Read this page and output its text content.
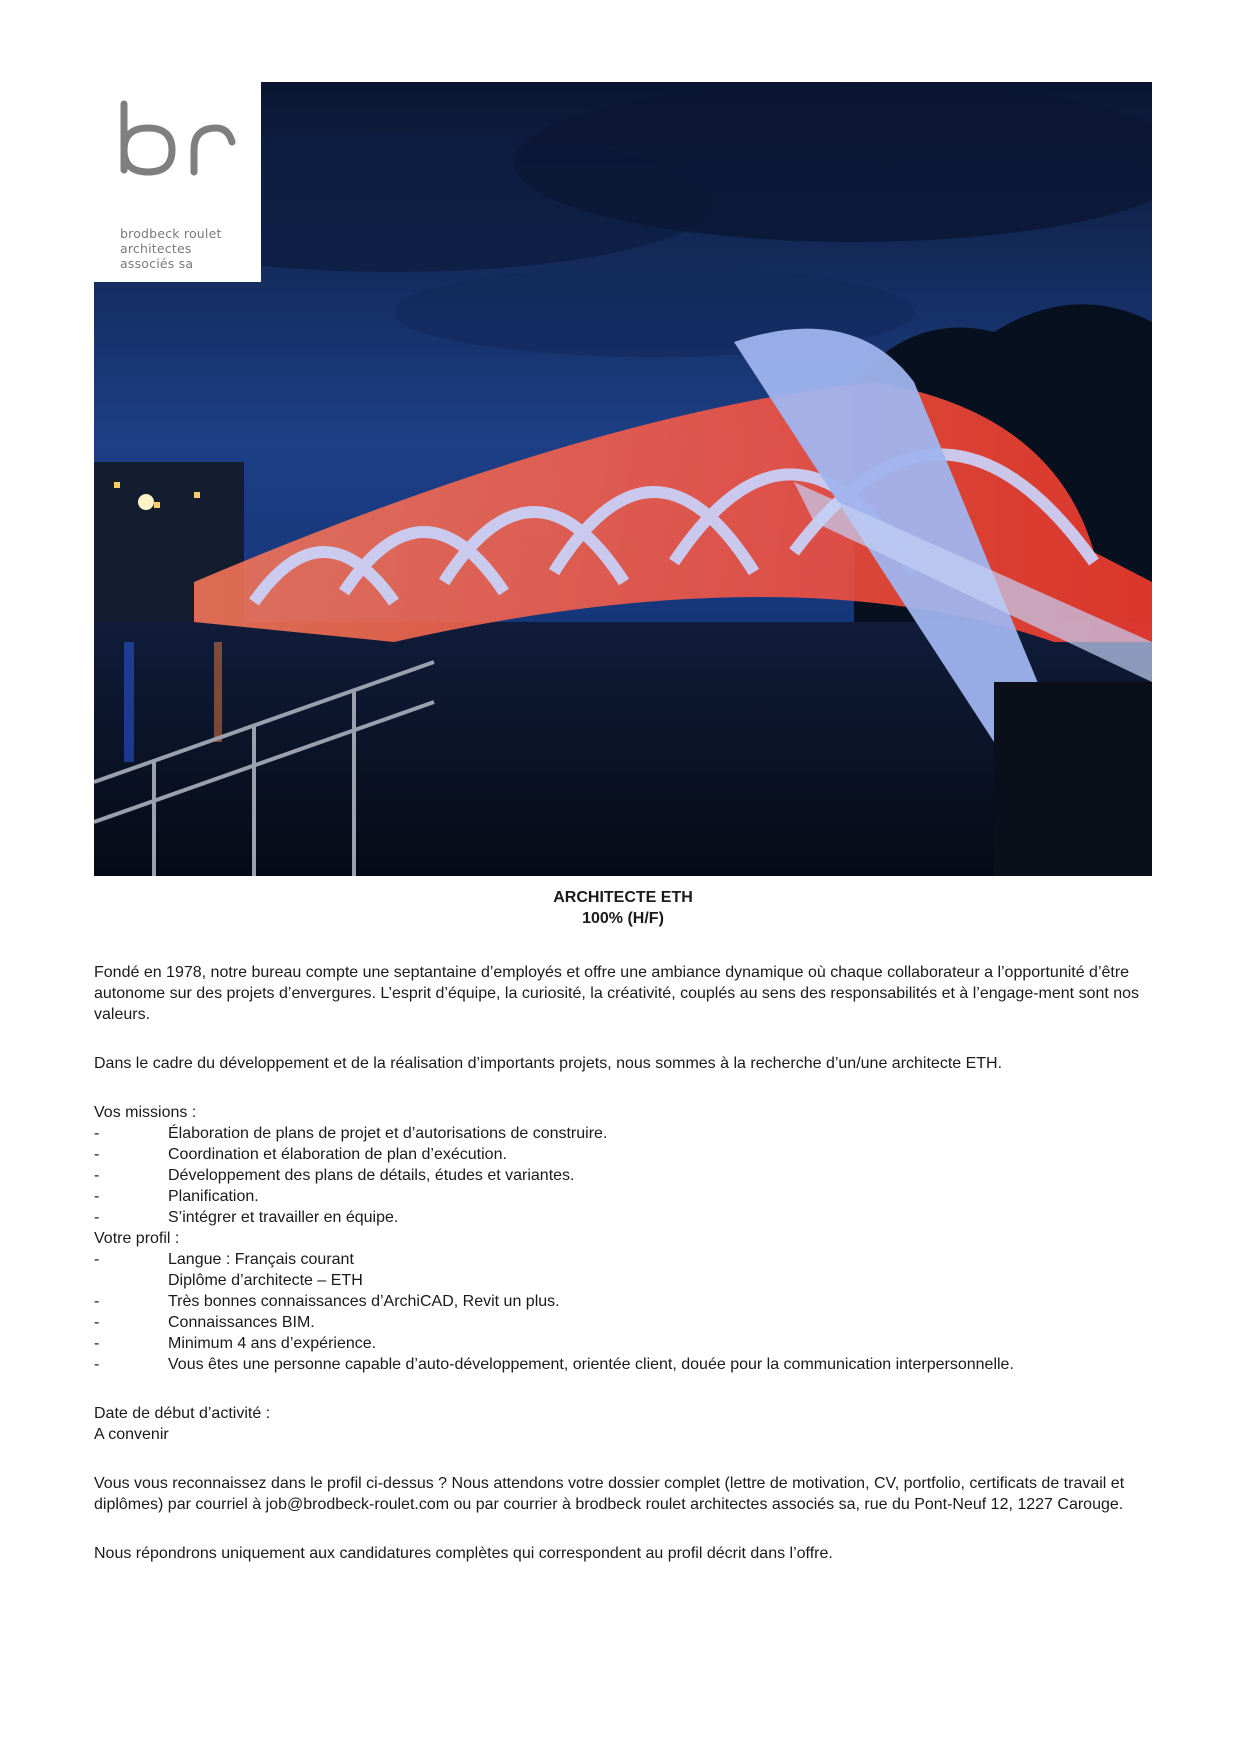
brodbeck roulet
architectes
associés sa
ARCHITECTE ETH
100% (H/F)

Fondé en 1978, notre bureau compte une septantaine d’employés et offre une ambiance dynamique où chaque collaborateur a l’opportunité d’être autonome sur des projets d’envergures. L’esprit d’équipe, la curiosité, la créativité, couplés au sens des responsabilités et à l’engage-ment sont nos valeurs.

Dans le cadre du développement et de la réalisation d’importants projets, nous sommes à la recherche d’un/une architecte ETH.

Vos missions :

-	Élaboration de plans de projet et d’autorisations de construire.
-	Coordination et élaboration de plan d’exécution.
-	Développement des plans de détails, études et variantes.
-	Planification.
-	S’intégrer et travailler en équipe.

Votre profil :

-	Langue : Français courant
Diplôme d’architecte – ETH
-	Très bonnes connaissances d’ArchiCAD, Revit un plus.
-	Connaissances BIM.
-	Minimum 4 ans d’expérience.
-	Vous êtes une personne capable d’auto-développement, orientée client, douée pour la communication interpersonnelle.

Date de début d’activité :

A convenir

Vous vous reconnaissez dans le profil ci-dessus ? Nous attendons votre dossier complet (lettre de motivation, CV, portfolio, certificats de travail et diplômes) par courriel à job@brodbeck-roulet.com ou par courrier à brodbeck roulet architectes associés sa, rue du Pont-Neuf 12, 1227 Carouge.

Nous répondrons uniquement aux candidatures complètes qui correspondent au profil décrit dans l’offre.
